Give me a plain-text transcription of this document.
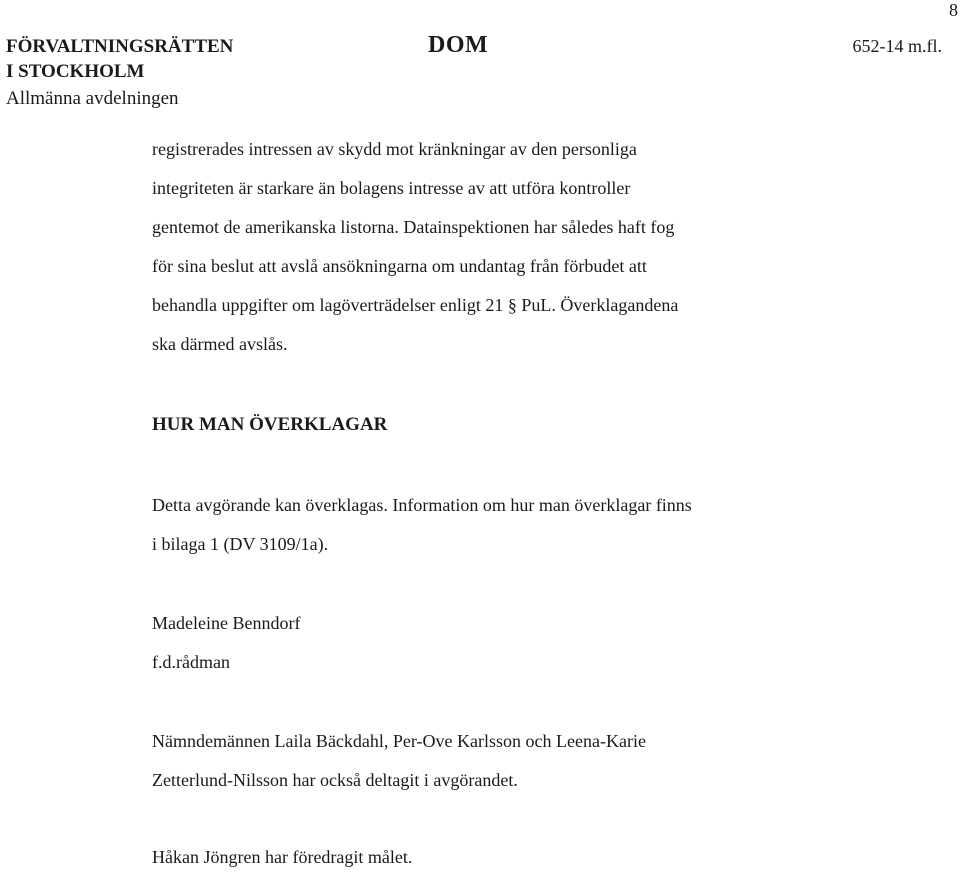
8
FÖRVALTNINGSRÄTTEN
I STOCKHOLM
Allmänna avdelningen
DOM	652-14 m.fl.
registrerades intressen av skydd mot kränkningar av den personliga
integriteten är starkare än bolagens intresse av att utföra kontroller
gentemot de amerikanska listorna. Datainspektionen har således haft fog
för sina beslut att avslå ansökningarna om undantag från förbudet att
behandla uppgifter om lagöverträdelser enligt 21 § PuL. Överklagandena
ska därmed avslås.
HUR MAN ÖVERKLAGAR
Detta avgörande kan överklagas. Information om hur man överklagar finns
i bilaga 1 (DV 3109/1a).
Madeleine Benndorf
f.d.rådman
Nämndemännen Laila Bäckdahl, Per-Ove Karlsson och Leena-Karie
Zetterlund-Nilsson har också deltagit i avgörandet.
Håkan Jöngren har föredragit målet.
